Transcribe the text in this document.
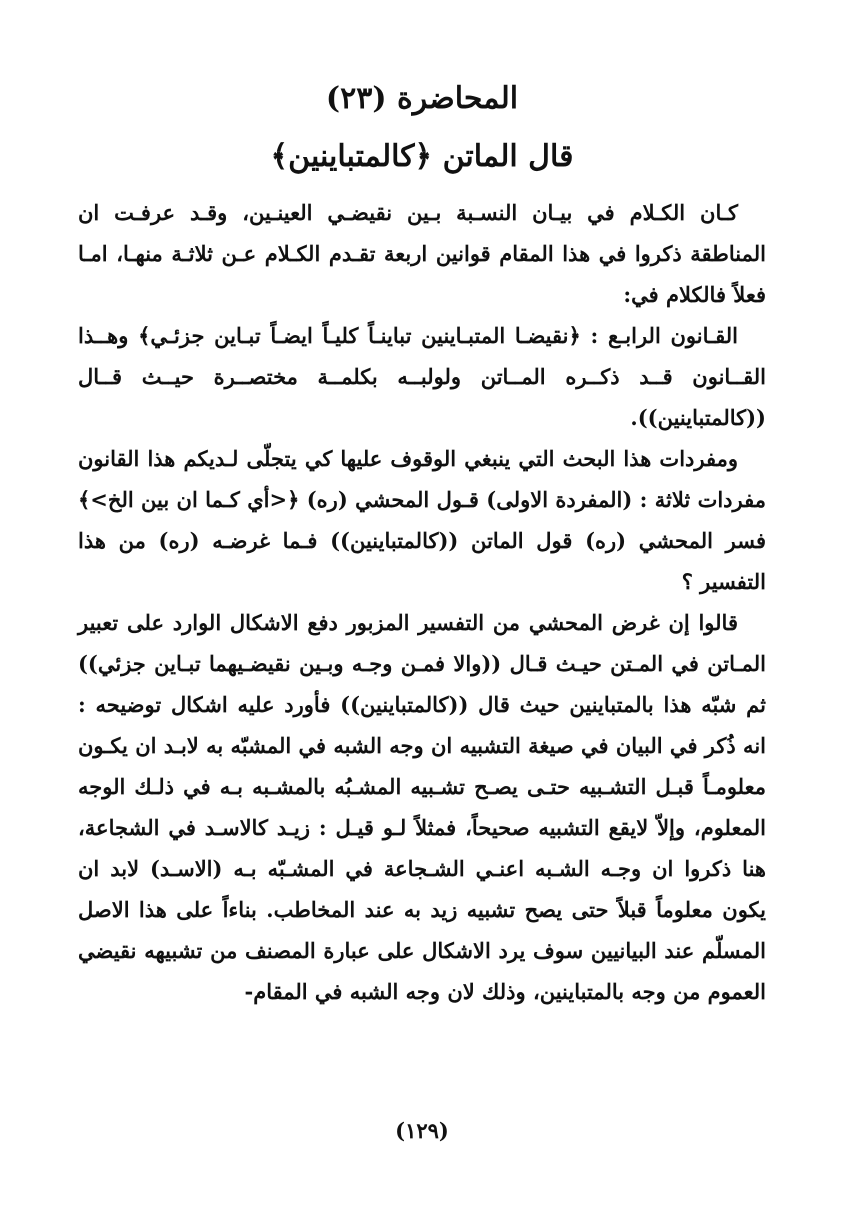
المحاضرة (٢٣)
قال الماتن ﴿كالمتباينين﴾

كـان الكـلام في بيـان النسـبة بـين نقيضـي العينـين، وقـد عرفـت ان المناطقة ذكروا في هذا المقام قوانين اربعة تقـدم الكـلام عـن ثلاثـة منهـا، امـا فعلاً فالكلام في:

القـانون الرابـع : ﴿نقيضـا المتبـاينين تباينـاً كليـاً ايضـاً تبـاين جزئـي﴾ وهــذا القــانون قــد ذكــره المــاتن ولولبــه بكلمــة مختصــرة حيــث قــال ((كالمتباينين)).

ومفردات هذا البحث التي ينبغي الوقوف عليها كي يتجلّى لـديكم هذا القانون مفردات ثلاثة : (المفردة الاولى) قـول المحشي (ره) ﴿<أي كـما ان بين الخ>﴾ فسر المحشي (ره) قول الماتن ((كالمتباينين)) فـما غرضـه (ره) من هذا التفسير ؟

قالوا إن غرض المحشي من التفسير المزبور دفع الاشكال الوارد على تعبير المـاتن في المـتن حيـث قـال ((والا فمـن وجـه وبـين نقيضـيهما تبـاين جزئي)) ثم شبّه هذا بالمتباينين حيث قال ((كالمتباينين)) فأورد عليه اشكال توضيحه : انه ذُكر في البيان في صيغة التشبيه ان وجه الشبه في المشبّه به لابـد ان يكـون معلومـاً قبـل التشـبيه حتـى يصـح تشـبيه المشـبُه بالمشـبه بـه في ذلـك الوجه المعلوم، وإلاّ لايقع التشبيه صحيحاً، فمثلاً لـو قيـل : زيـد كالاسـد في الشجاعة، هنا ذكروا ان وجـه الشـبه اعنـي الشـجاعة في المشـبّه بـه (الاسـد) لابد ان يكون معلوماً قبلاً حتى يصح تشبيه زيد به عند المخاطب. بناءاً على هذا الاصل المسلّم عند البيانيين سوف يرد الاشكال على عبارة المصنف من تشبيهه نقيضي العموم من وجه بالمتباينين، وذلك لان وجه الشبه في المقام-

(١٢٩)
